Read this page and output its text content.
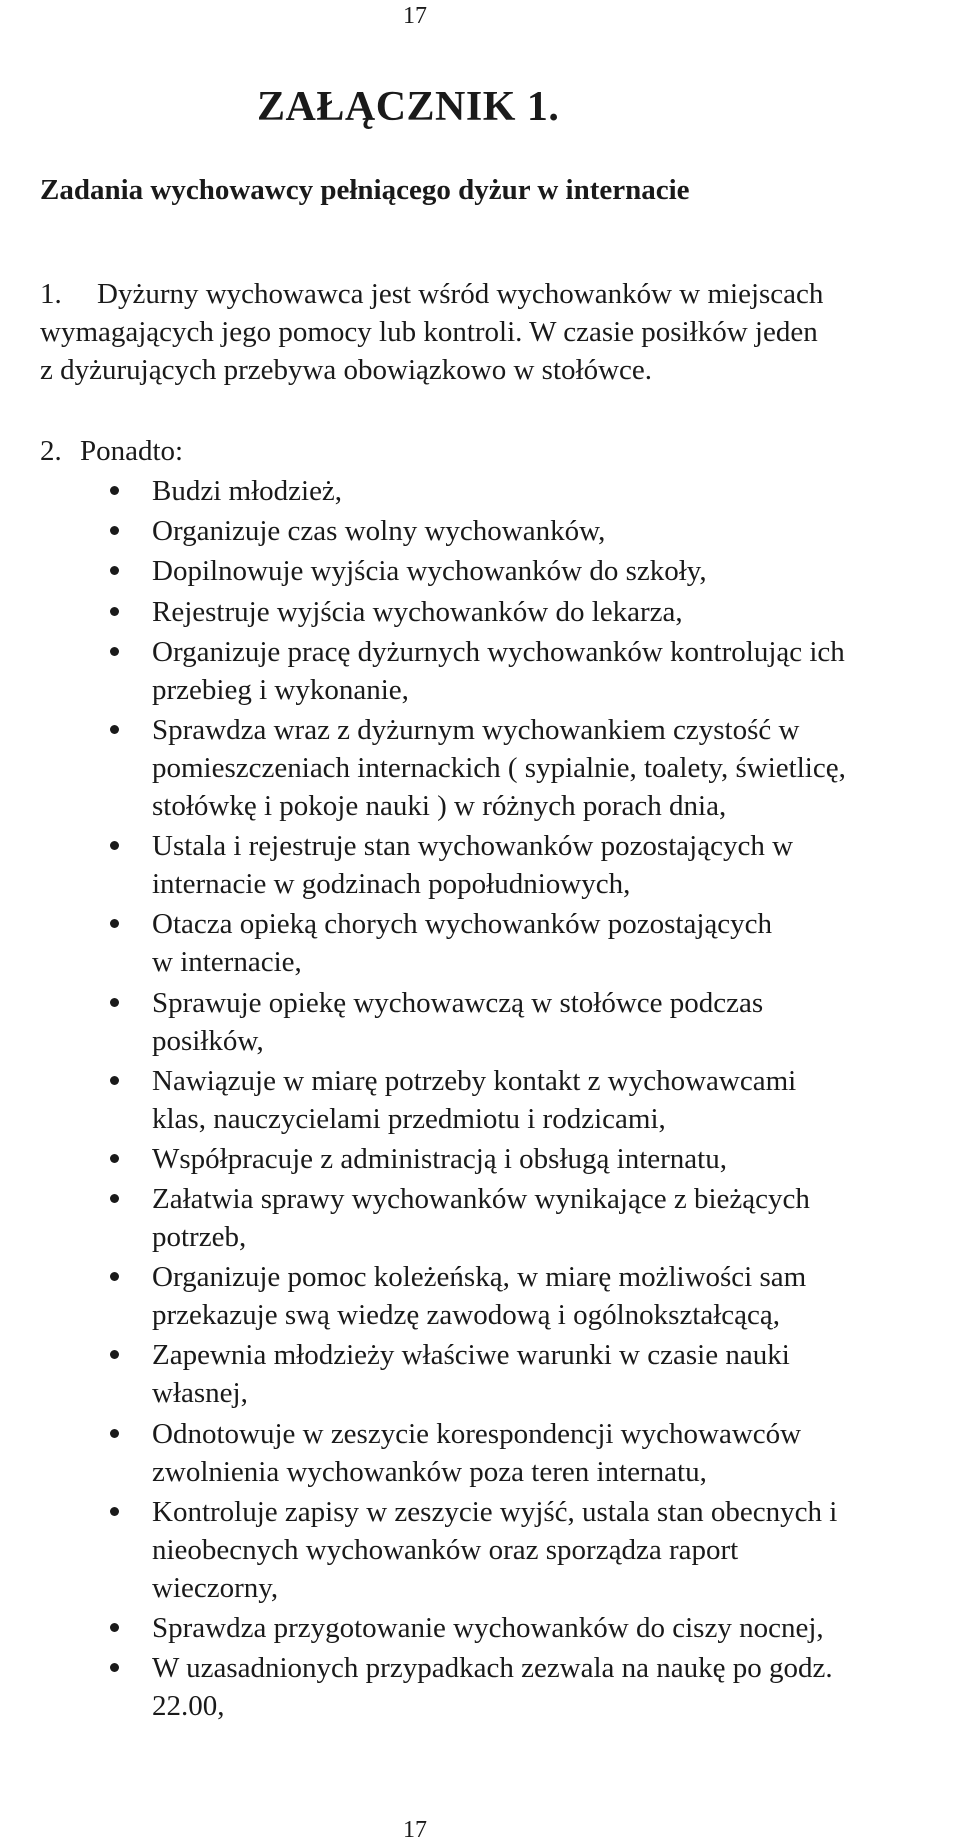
17
ZAŁĄCZNIK 1.
Zadania wychowawcy pełniącego dyżur w internacie

1. Dyżurny wychowawca jest wśród wychowanków w miejscach
wymagających jego pomocy lub kontroli. W czasie posiłków jeden
z dyżurujących przebywa obowiązkowo w stołówce.

2. Ponadto:

Budzi młodzież,
Organizuje czas wolny wychowanków,
Dopilnowuje wyjścia wychowanków do szkoły,
Rejestruje wyjścia wychowanków do lekarza,
Organizuje pracę dyżurnych wychowanków kontrolując ich
przebieg i wykonanie,
Sprawdza wraz z dyżurnym wychowankiem czystość w
pomieszczeniach internackich ( sypialnie, toalety, świetlicę,
stołówkę i pokoje nauki ) w różnych porach dnia,
Ustala i rejestruje stan wychowanków pozostających w
internacie w godzinach popołudniowych,
Otacza opieką chorych wychowanków pozostających
w internacie,
Sprawuje opiekę wychowawczą w stołówce podczas
posiłków,
Nawiązuje w miarę potrzeby kontakt z wychowawcami
klas, nauczycielami przedmiotu i rodzicami,
Współpracuje z administracją i obsługą internatu,
Załatwia sprawy wychowanków wynikające z bieżących
potrzeb,
Organizuje pomoc koleżeńską, w miarę możliwości sam
przekazuje swą wiedzę zawodową i ogólnokształcącą,
Zapewnia młodzieży właściwe warunki w czasie nauki
własnej,
Odnotowuje w zeszycie korespondencji wychowawców
zwolnienia wychowanków poza teren internatu,
Kontroluje zapisy w zeszycie wyjść, ustala stan obecnych i
nieobecnych wychowanków oraz sporządza raport
wieczorny,
Sprawdza przygotowanie wychowanków do ciszy nocnej,
W uzasadnionych przypadkach zezwala na naukę po godz.
22.00,
17
